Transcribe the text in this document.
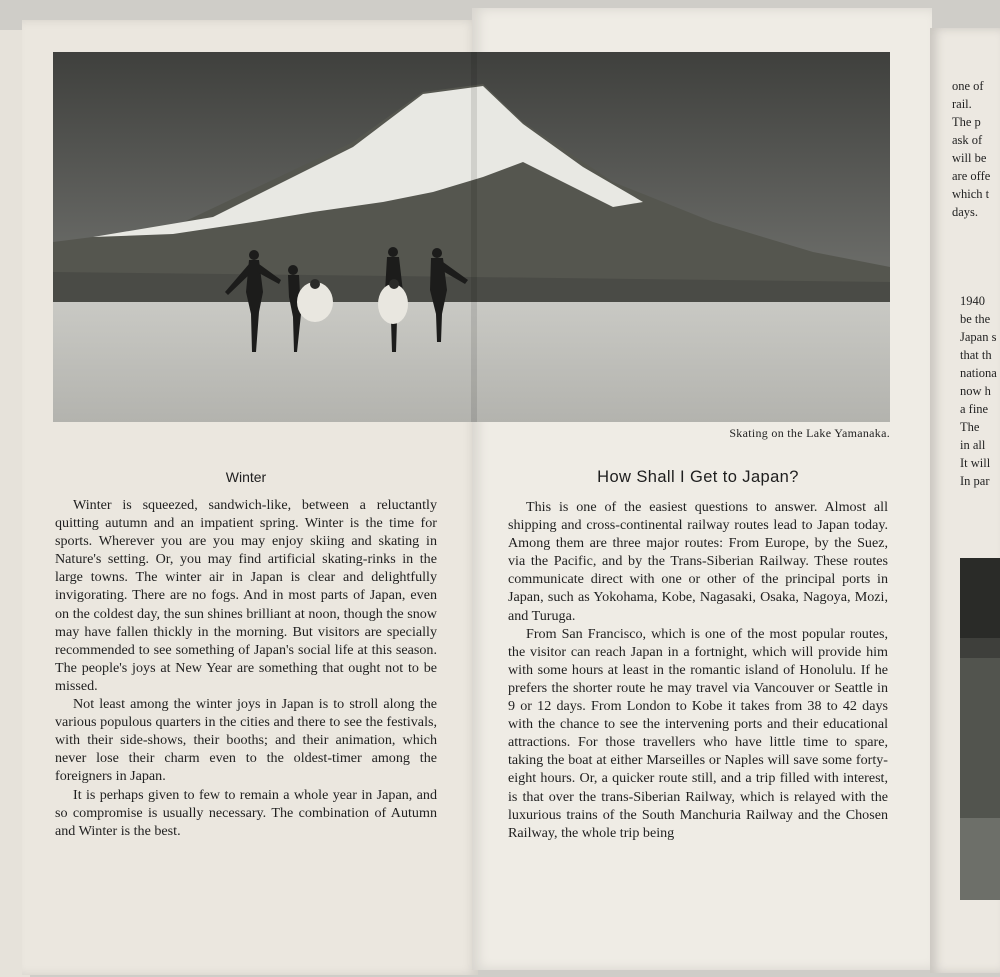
Skating on the Lake Yamanaka.
Winter

Winter is squeezed, sandwich-like, between a reluctantly quitting autumn and an impatient spring. Winter is the time for sports. Wherever you are you may enjoy skiing and skating in Nature's setting. Or, you may find artificial skating-rinks in the large towns. The winter air in Japan is clear and delightfully invigorating. There are no fogs. And in most parts of Japan, even on the coldest day, the sun shines brilliant at noon, though the snow may have fallen thickly in the morning. But visitors are specially recommended to see something of Japan's social life at this season. The people's joys at New Year are something that ought not to be missed.

Not least among the winter joys in Japan is to stroll along the various populous quarters in the cities and there to see the festivals, with their side-shows, their booths; and their animation, which never lose their charm even to the oldest-timer among the foreigners in Japan.

It is perhaps given to few to remain a whole year in Japan, and so compromise is usually necessary. The combination of Autumn and Winter is the best.

How Shall I Get to Japan?

This is one of the easiest questions to answer. Almost all shipping and cross-continental railway routes lead to Japan today. Among them are three major routes: From Europe, by the Suez, via the Pacific, and by the Trans-Siberian Railway. These routes communicate direct with one or other of the principal ports in Japan, such as Yokohama, Kobe, Nagasaki, Osaka, Nagoya, Mozi, and Turuga.

From San Francisco, which is one of the most popular routes, the visitor can reach Japan in a fortnight, which will provide him with some hours at least in the romantic island of Honolulu. If he prefers the shorter route he may travel via Vancouver or Seattle in 9 or 12 days. From London to Kobe it takes from 38 to 42 days with the chance to see the intervening ports and their educational attractions. For those travellers who have little time to spare, taking the boat at either Marseilles or Naples will save some forty-eight hours. Or, a quicker route still, and a trip filled with interest, is that over the trans-Siberian Railway, which is relayed with the luxurious trains of the South Manchuria Railway and the Chosen Railway, the whole trip being

one of
rail.
The p
ask of
will be
are offe
which t
days.
1940
be the
Japan s
that th
nationa
now h
a fine
The
in all
It will
In par
